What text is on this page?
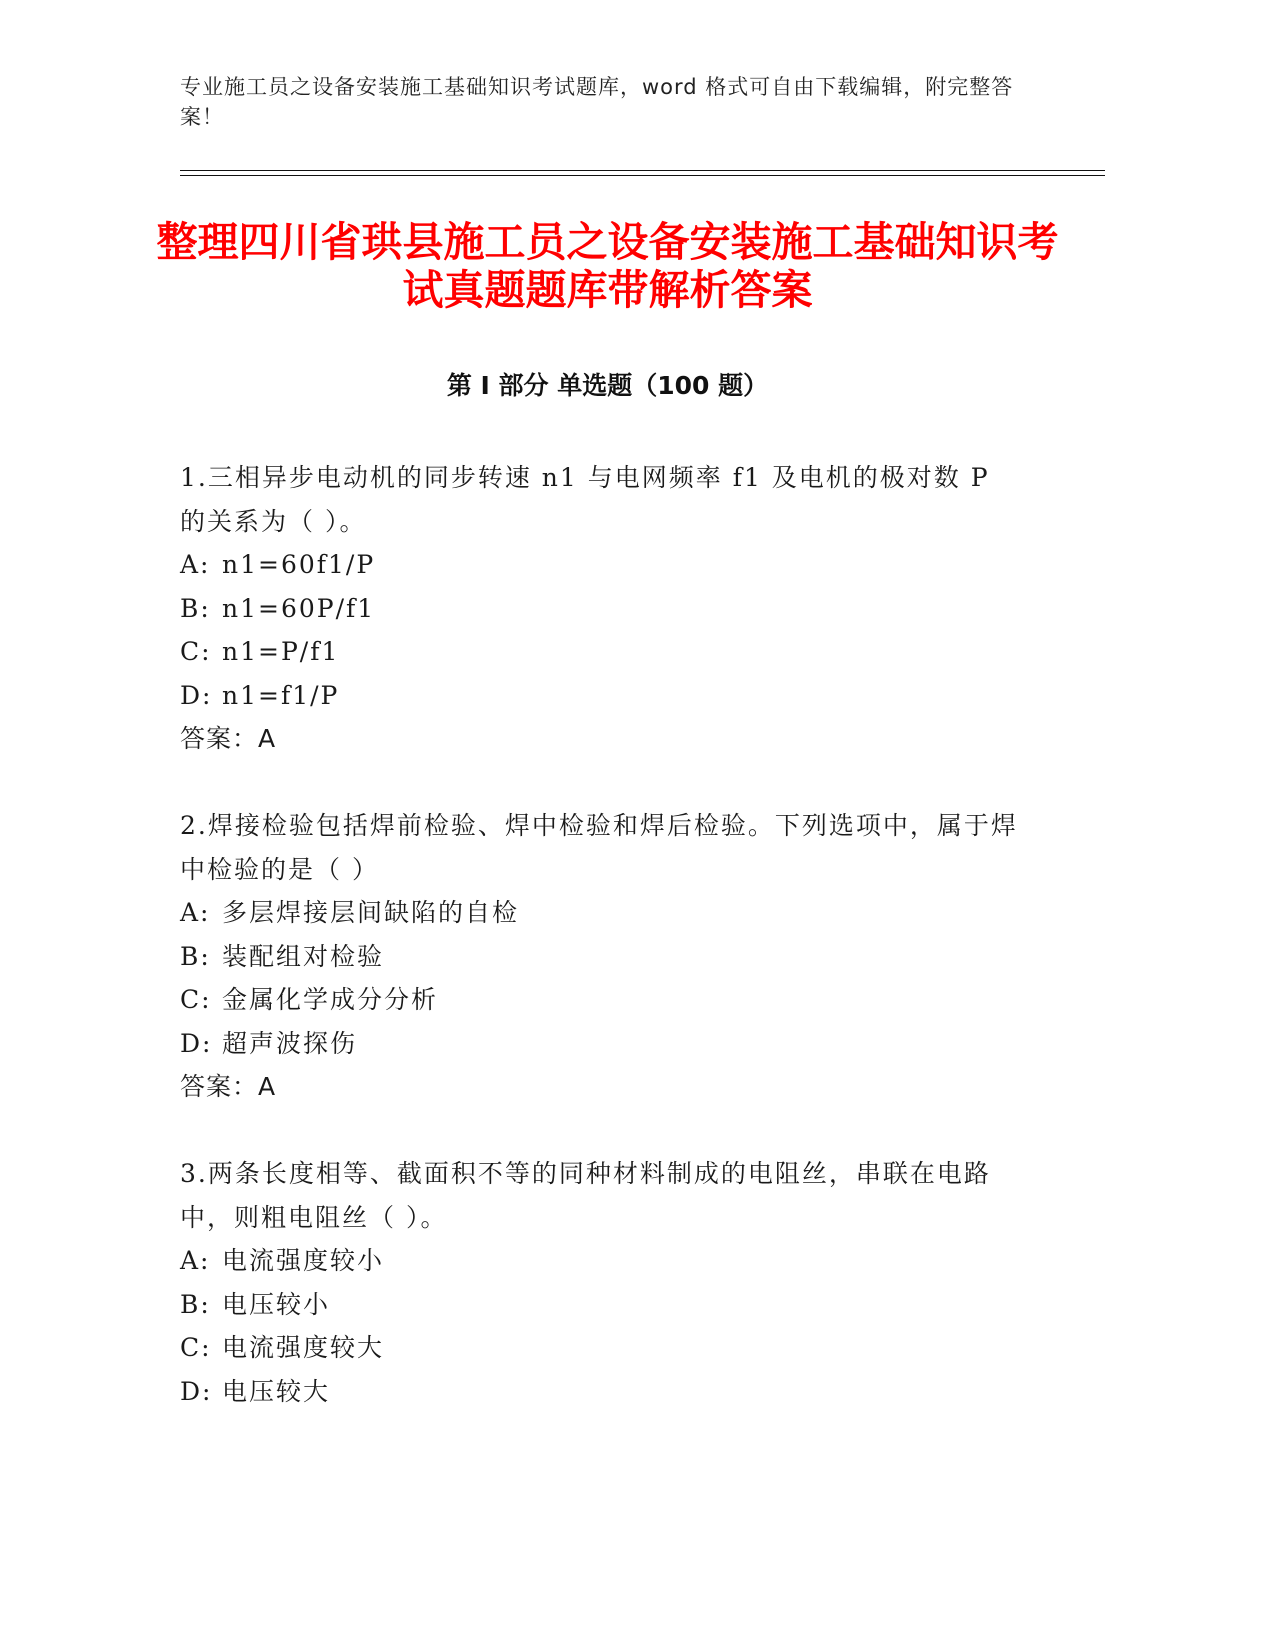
专业施工员之设备安装施工基础知识考试题库，word 格式可自由下载编辑，附完整答案！
整理四川省珙县施工员之设备安装施工基础知识考试真题题库带解析答案
第 I 部分 单选题（100 题）

1.三相异步电动机的同步转速 n1 与电网频率 f1 及电机的极对数 P 的关系为（ ）。

A: n1=60f1/P

B: n1=60P/f1

C: n1=P/f1

D: n1=f1/P

答案：A

2.焊接检验包括焊前检验、焊中检验和焊后检验。下列选项中，属于焊中检验的是（ ）

A: 多层焊接层间缺陷的自检

B: 装配组对检验

C: 金属化学成分分析

D: 超声波探伤

答案：A

3.两条长度相等、截面积不等的同种材料制成的电阻丝，串联在电路中，则粗电阻丝（ ）。

A: 电流强度较小

B: 电压较小

C: 电流强度较大

D: 电压较大
